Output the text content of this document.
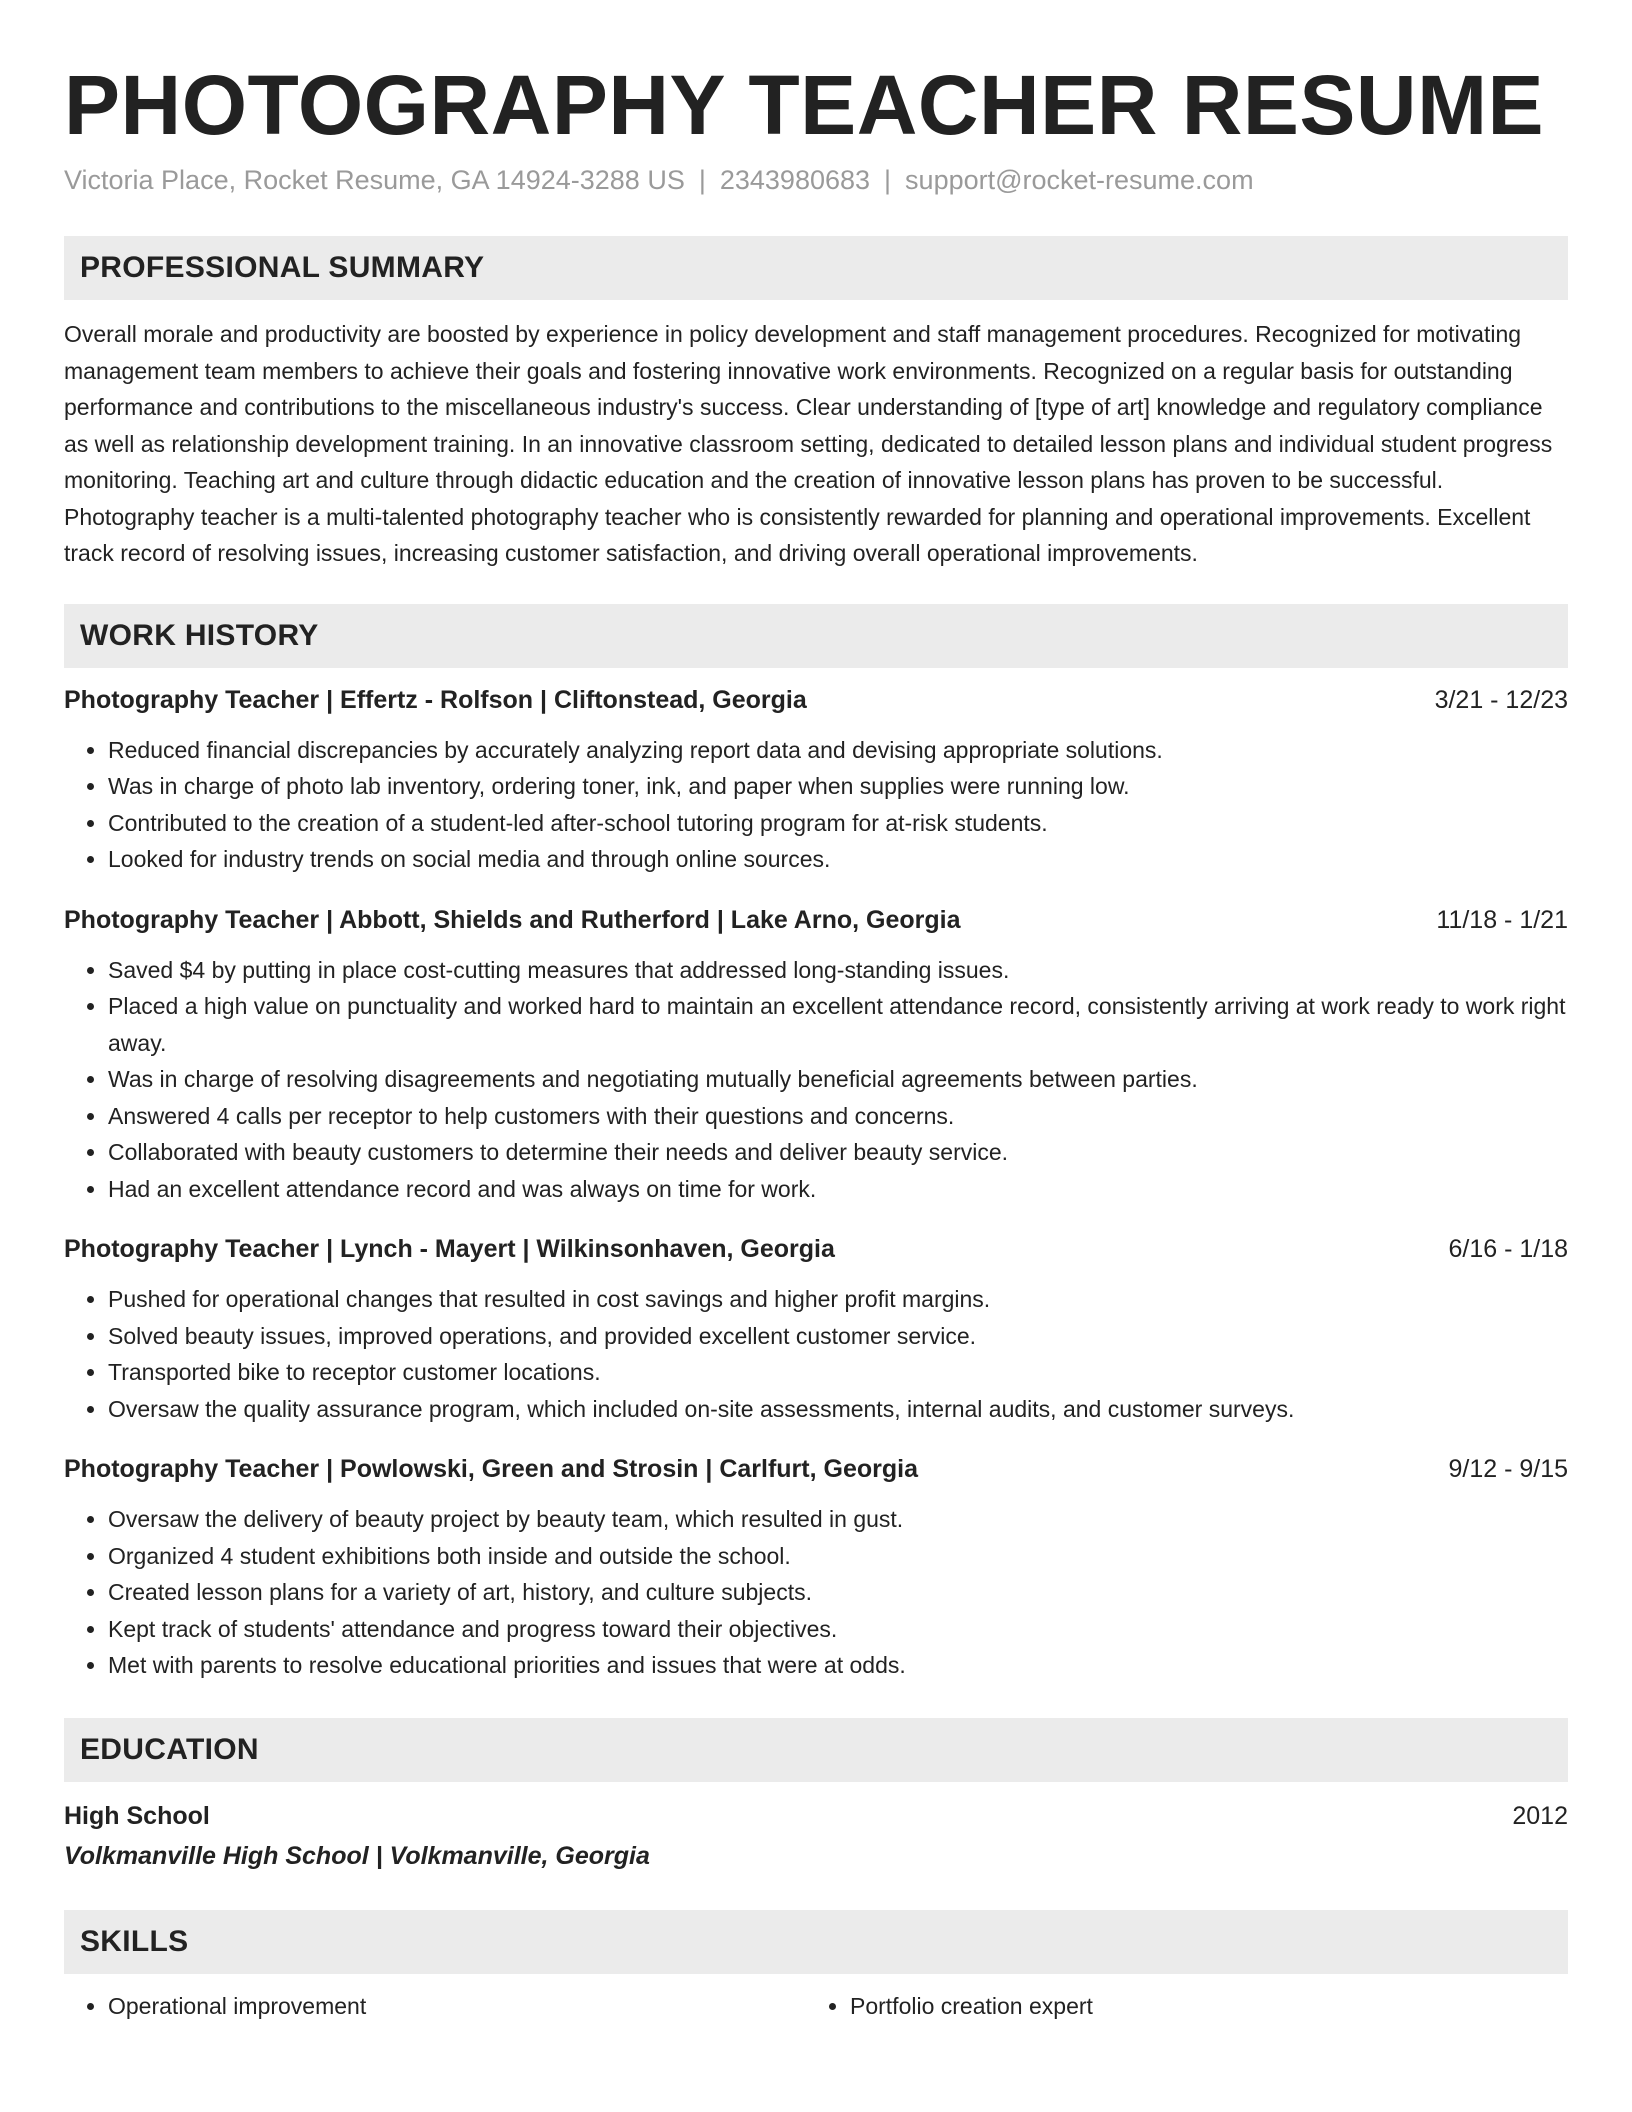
PHOTOGRAPHY TEACHER RESUME
Victoria Place, Rocket Resume, GA 14924-3288 US | 2343980683 | support@rocket-resume.com
PROFESSIONAL SUMMARY
Overall morale and productivity are boosted by experience in policy development and staff management procedures. Recognized for motivating management team members to achieve their goals and fostering innovative work environments. Recognized on a regular basis for outstanding performance and contributions to the miscellaneous industry's success. Clear understanding of [type of art] knowledge and regulatory compliance as well as relationship development training. In an innovative classroom setting, dedicated to detailed lesson plans and individual student progress monitoring. Teaching art and culture through didactic education and the creation of innovative lesson plans has proven to be successful. Photography teacher is a multi-talented photography teacher who is consistently rewarded for planning and operational improvements. Excellent track record of resolving issues, increasing customer satisfaction, and driving overall operational improvements.
WORK HISTORY
Photography Teacher | Effertz - Rolfson | Cliftonstead, Georgia	3/21 - 12/23
• Reduced financial discrepancies by accurately analyzing report data and devising appropriate solutions.
• Was in charge of photo lab inventory, ordering toner, ink, and paper when supplies were running low.
• Contributed to the creation of a student-led after-school tutoring program for at-risk students.
• Looked for industry trends on social media and through online sources.
Photography Teacher | Abbott, Shields and Rutherford | Lake Arno, Georgia	11/18 - 1/21
• Saved $4 by putting in place cost-cutting measures that addressed long-standing issues.
• Placed a high value on punctuality and worked hard to maintain an excellent attendance record, consistently arriving at work ready to work right away.
• Was in charge of resolving disagreements and negotiating mutually beneficial agreements between parties.
• Answered 4 calls per receptor to help customers with their questions and concerns.
• Collaborated with beauty customers to determine their needs and deliver beauty service.
• Had an excellent attendance record and was always on time for work.
Photography Teacher | Lynch - Mayert | Wilkinsonhaven, Georgia	6/16 - 1/18
• Pushed for operational changes that resulted in cost savings and higher profit margins.
• Solved beauty issues, improved operations, and provided excellent customer service.
• Transported bike to receptor customer locations.
• Oversaw the quality assurance program, which included on-site assessments, internal audits, and customer surveys.
Photography Teacher | Powlowski, Green and Strosin | Carlfurt, Georgia	9/12 - 9/15
• Oversaw the delivery of beauty project by beauty team, which resulted in gust.
• Organized 4 student exhibitions both inside and outside the school.
• Created lesson plans for a variety of art, history, and culture subjects.
• Kept track of students' attendance and progress toward their objectives.
• Met with parents to resolve educational priorities and issues that were at odds.
EDUCATION
High School	2012
Volkmanville High School | Volkmanville, Georgia
SKILLS
• Operational improvement
•	Portfolio creation expert
